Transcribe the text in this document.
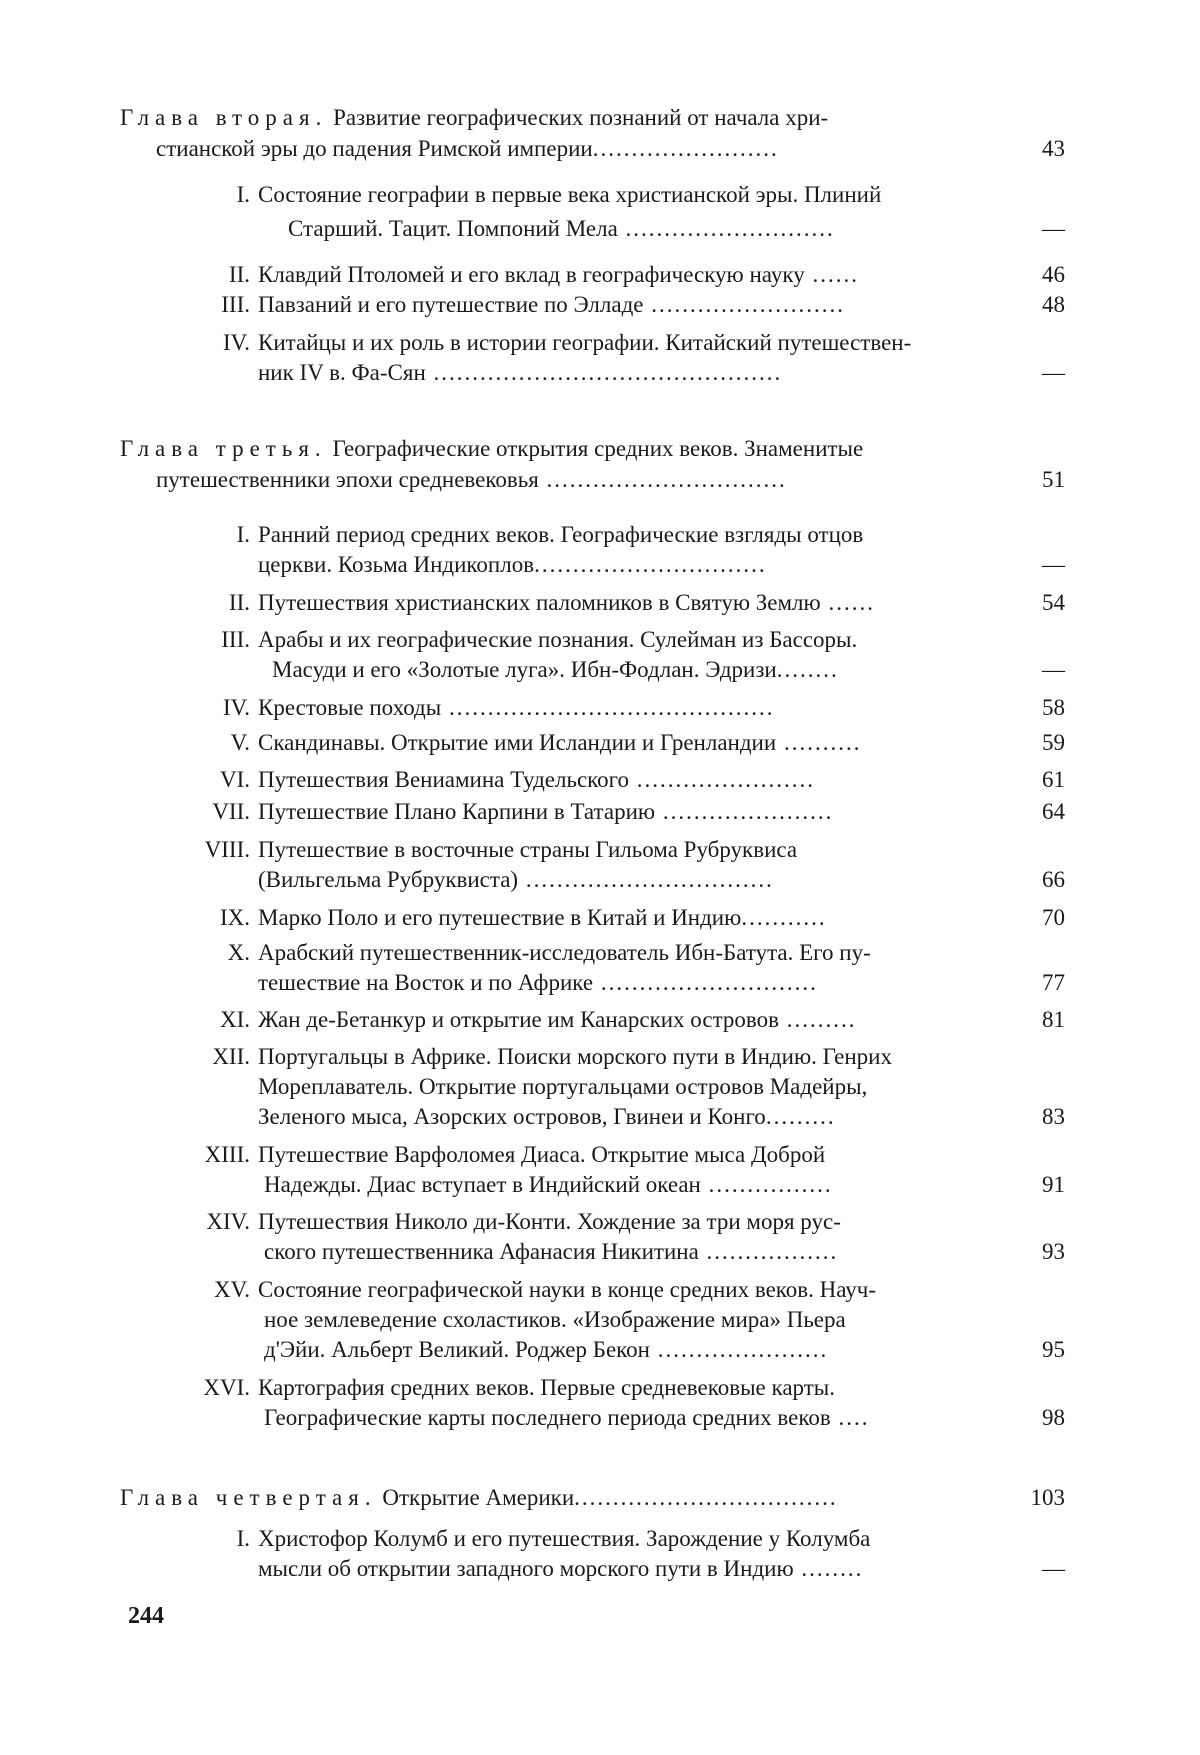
Глава вторая. Развитие географических познаний от начала хри-
стианской эры до падения Римской империи........................	43
I. Состояние географии в первые века христианской эры. Плиний
Старший. Тацит. Помпоний Мела ...........................	—
II. Клавдий Птоломей и его вклад в географическую науку ......	46
III. Павзаний и его путешествие по Элладе .........................	48
IV. Китайцы и их роль в истории географии. Китайский путешествен-
ник IV в. Фа-Сян .............................................	—
Глава третья. Географические открытия средних веков. Знаменитые
путешественники эпохи средневековья ...............................	51
I. Ранний период средних веков. Географические взгляды отцов
церкви. Козьма Индикоплов..............................	—
II. Путешествия христианских паломников в Святую Землю ......	54
III. Арабы и их географические познания. Сулейман из Бассоры.
Масуди и его «Золотые луга». Ибн-Фодлан. Эдризи........	—
IV. Крестовые походы ..........................................	58
V. Скандинавы. Открытие ими Исландии и Гренландии ..........	59
VI. Путешествия Вениамина Тудельского .......................	61
VII. Путешествие Плано Карпини в Татарию ......................	64
VIII. Путешествие в восточные страны Гильома Рубруквиса
(Вильгельма Рубруквиста) ................................	66
IX. Марко Поло и его путешествие в Китай и Индию...........	70
X. Арабский путешественник-исследователь Ибн-Батута. Его пу-
тешествие на Восток и по Африке ............................	77
XI. Жан де-Бетанкур и открытие им Канарских островов .........	81
XII. Португальцы в Африке. Поиски морского пути в Индию. Генрих
Мореплаватель. Открытие португальцами островов Мадейры,
Зеленого мыса, Азорских островов, Гвинеи и Конго.........	83
XIII. Путешествие Варфоломея Диаса. Открытие мыса Доброй
Надежды. Диас вступает в Индийский океан ................	91
XIV. Путешествия Николо ди-Конти. Хождение за три моря рус-
ского путешественника Афанасия Никитина .................	93
XV. Состояние географической науки в конце средних веков. Науч-
ное землеведение схоластиков. «Изображение мира» Пьера
д'Эйи. Альберт Великий. Роджер Бекон ......................	95
XVI. Картография средних веков. Первые средневековые карты.
Географические карты последнего периода средних веков ....	98
Глава четвертая. Открытие Америки..................................	103
I. Христофор Колумб и его путешествия. Зарождение у Колумба
мысли об открытии западного морского пути в Индию ........	—
244
